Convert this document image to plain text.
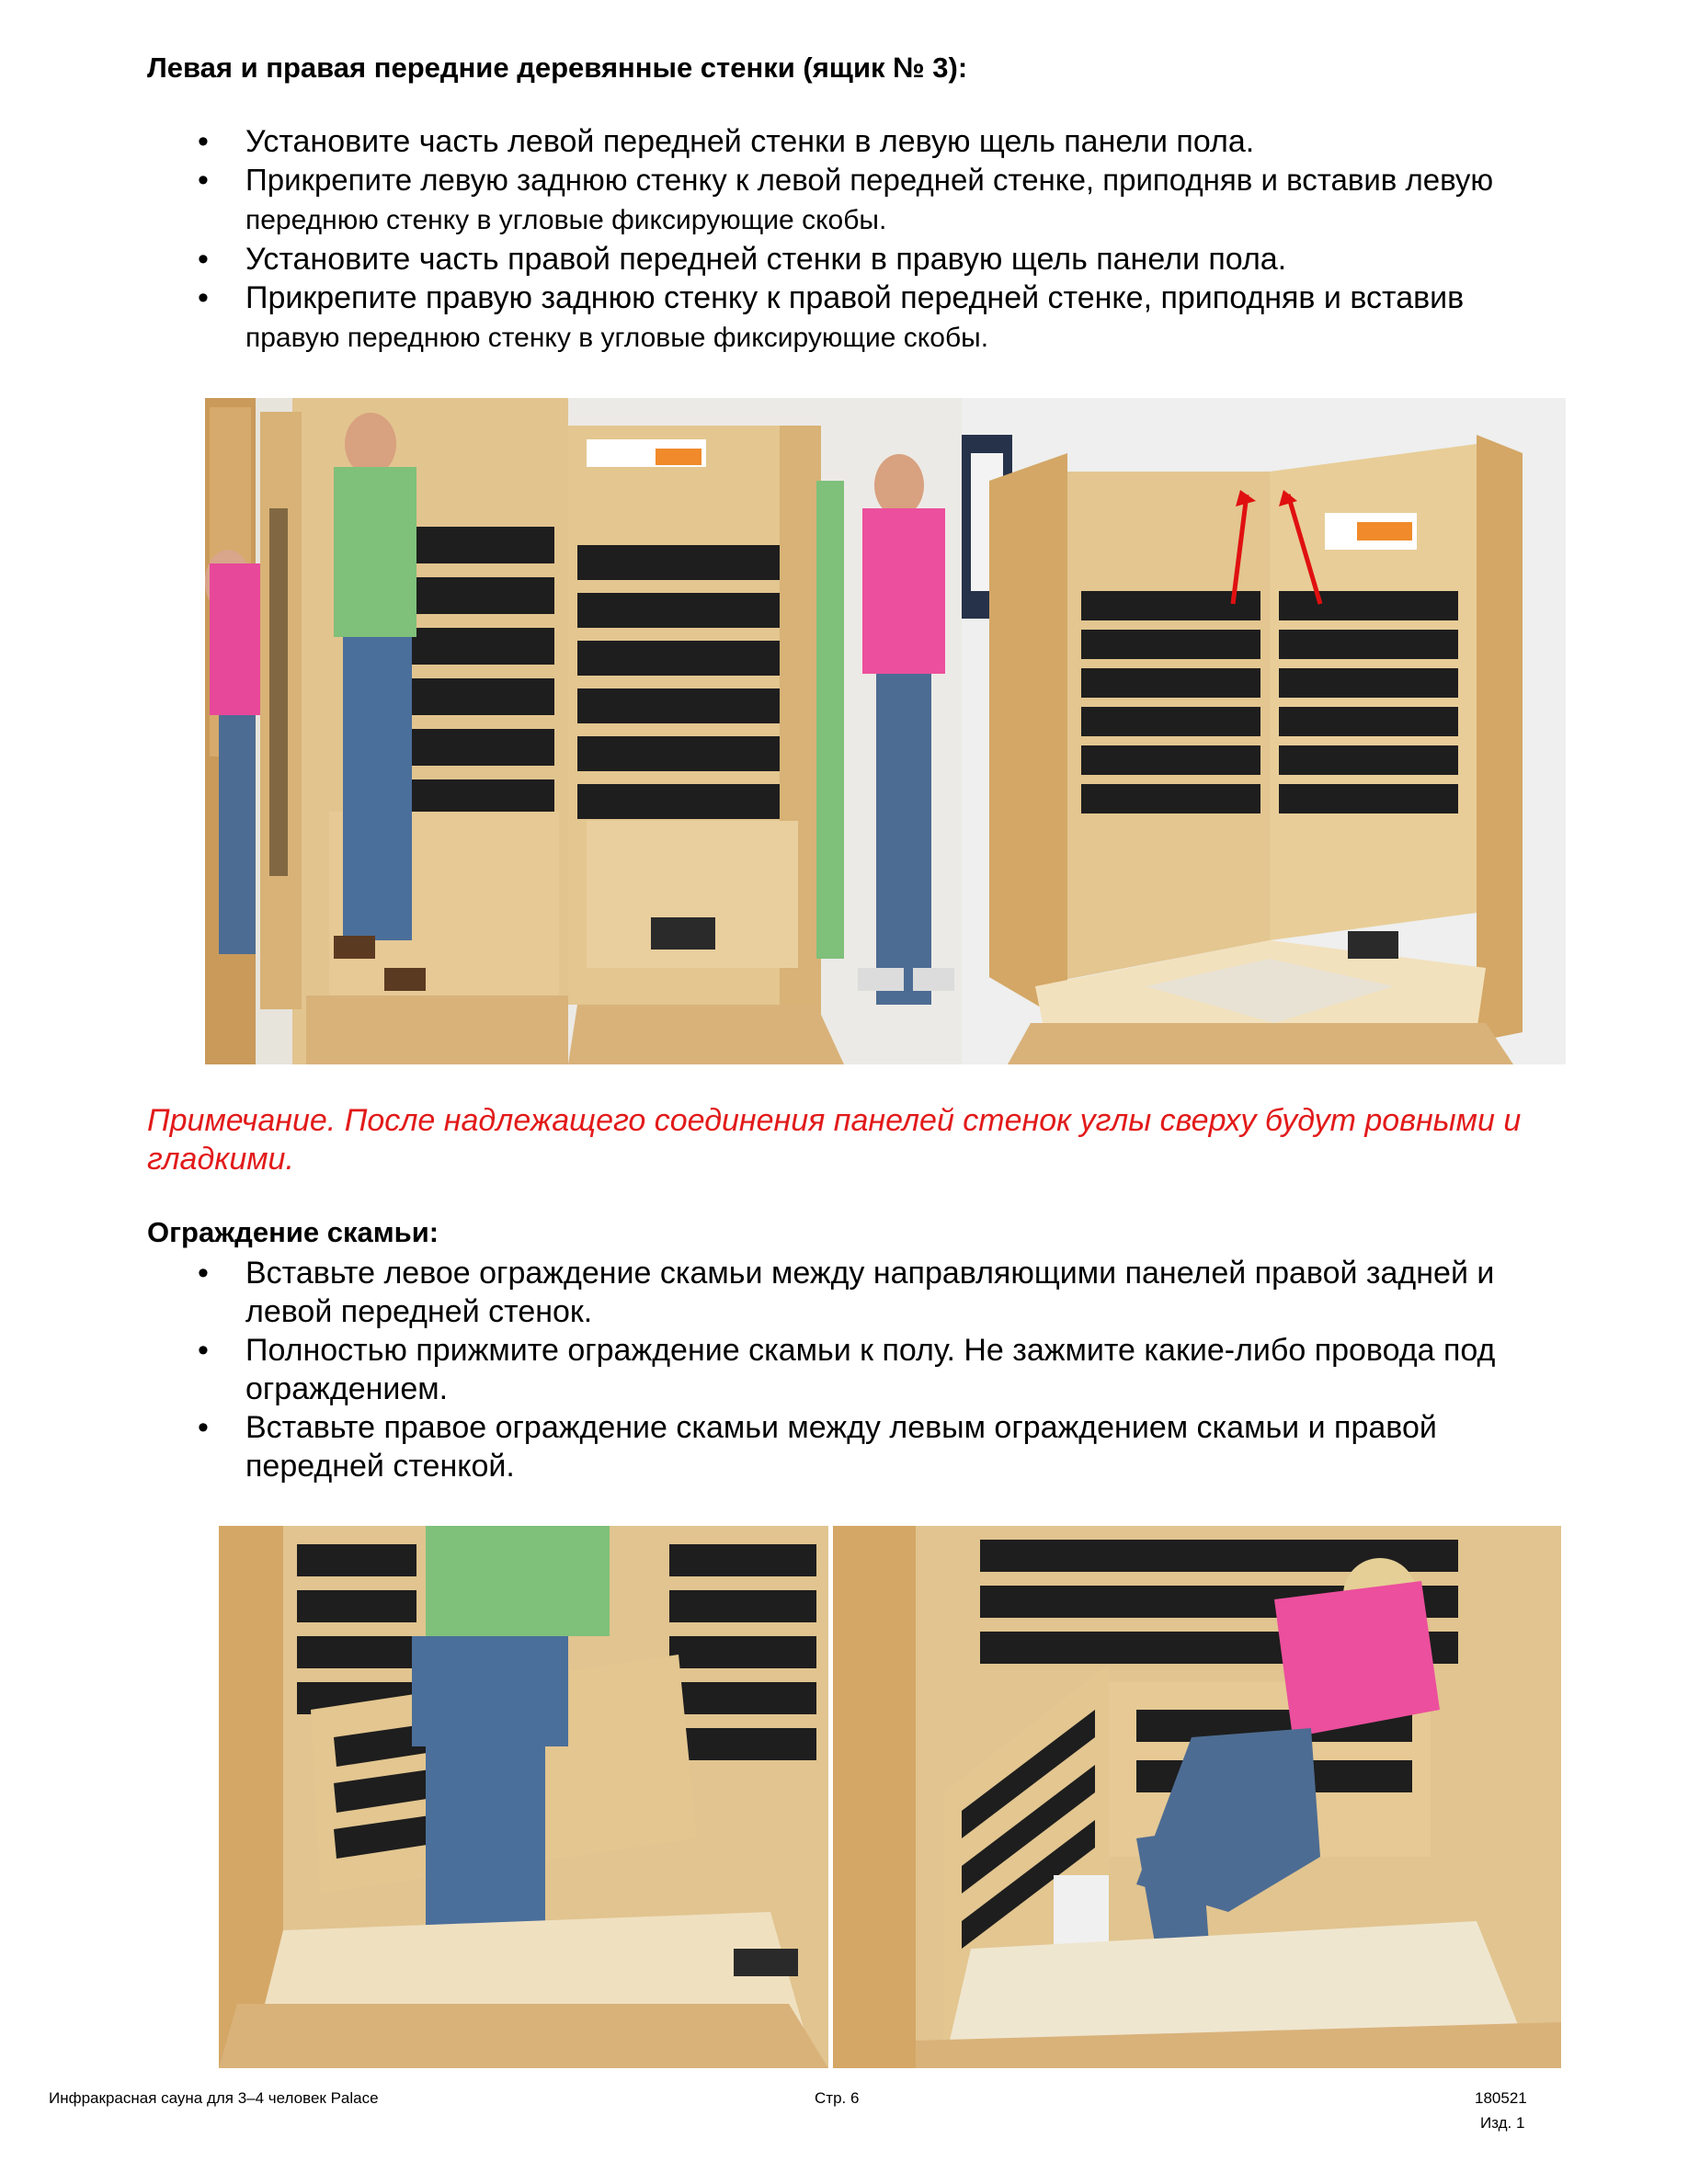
Левая и правая передние деревянные стенки (ящик № 3):
• Установите часть левой передней стенки в левую щель панели пола.
• Прикрепите левую заднюю стенку к левой передней стенке, приподняв и вставив левую
переднюю стенку в угловые фиксирующие скобы.
• Установите часть правой передней стенки в правую щель панели пола.
• Прикрепите правую заднюю стенку к правой передней стенке, приподняв и вставив
правую переднюю стенку в угловые фиксирующие скобы.
Примечание. После надлежащего соединения панелей стенок углы сверху будут ровными и
гладкими.
Ограждение скамьи:
• Вставьте левое ограждение скамьи между направляющими панелей правой задней и
левой передней стенок.
• Полностью прижмите ограждение скамьи к полу. Не зажмите какие-либо провода под
ограждением.
• Вставьте правое ограждение скамьи между левым ограждением скамьи и правой
передней стенкой.
Инфракрасная сауна для 3–4 человек Palace	Стр. 6	180521
Изд. 1
